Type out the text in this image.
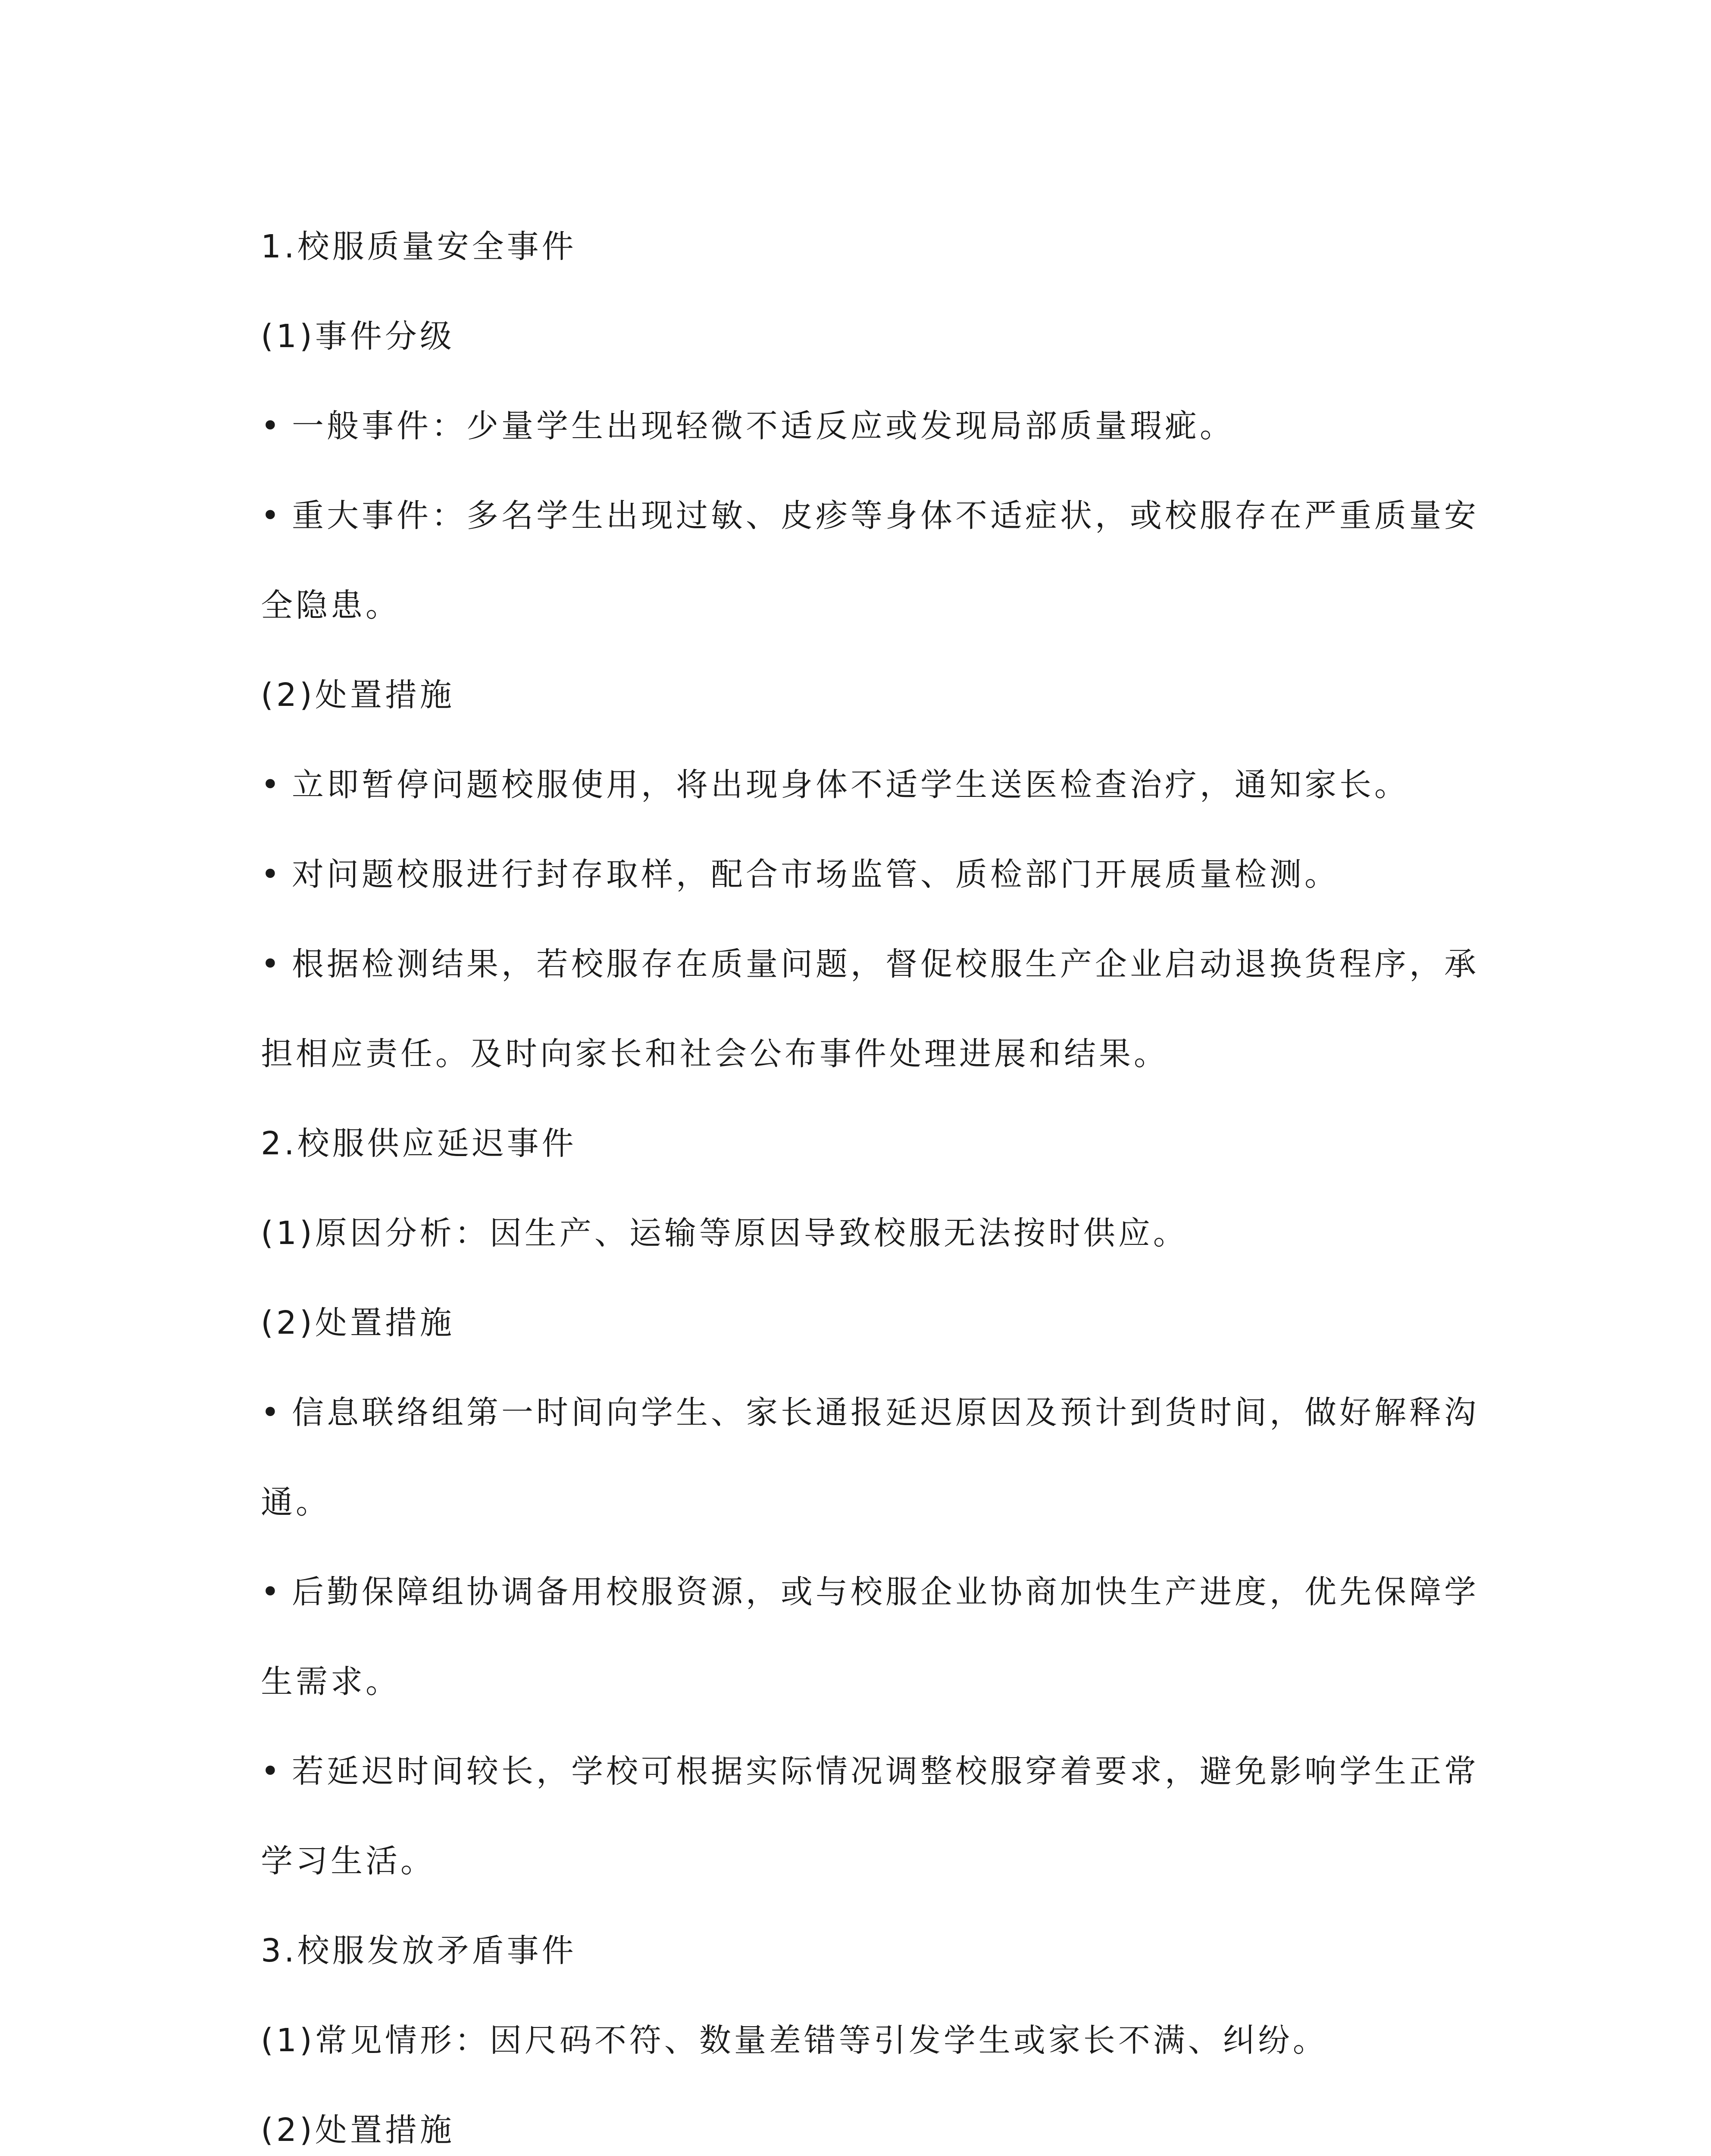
1.校服质量安全事件
(1)事件分级
• 一般事件：少量学生出现轻微不适反应或发现局部质量瑕疵。
• 重大事件：多名学生出现过敏、皮疹等身体不适症状，或校服存在严重质量安
全隐患。
(2)处置措施
• 立即暂停问题校服使用，将出现身体不适学生送医检查治疗，通知家长。
• 对问题校服进行封存取样，配合市场监管、质检部门开展质量检测。
• 根据检测结果，若校服存在质量问题，督促校服生产企业启动退换货程序，承
担相应责任。及时向家长和社会公布事件处理进展和结果。
2.校服供应延迟事件
(1)原因分析：因生产、运输等原因导致校服无法按时供应。
(2)处置措施
• 信息联络组第一时间向学生、家长通报延迟原因及预计到货时间，做好解释沟
通。
• 后勤保障组协调备用校服资源，或与校服企业协商加快生产进度，优先保障学
生需求。
• 若延迟时间较长，学校可根据实际情况调整校服穿着要求，避免影响学生正常
学习生活。
3.校服发放矛盾事件
(1)常见情形：因尺码不符、数量差错等引发学生或家长不满、纠纷。
(2)处置措施
